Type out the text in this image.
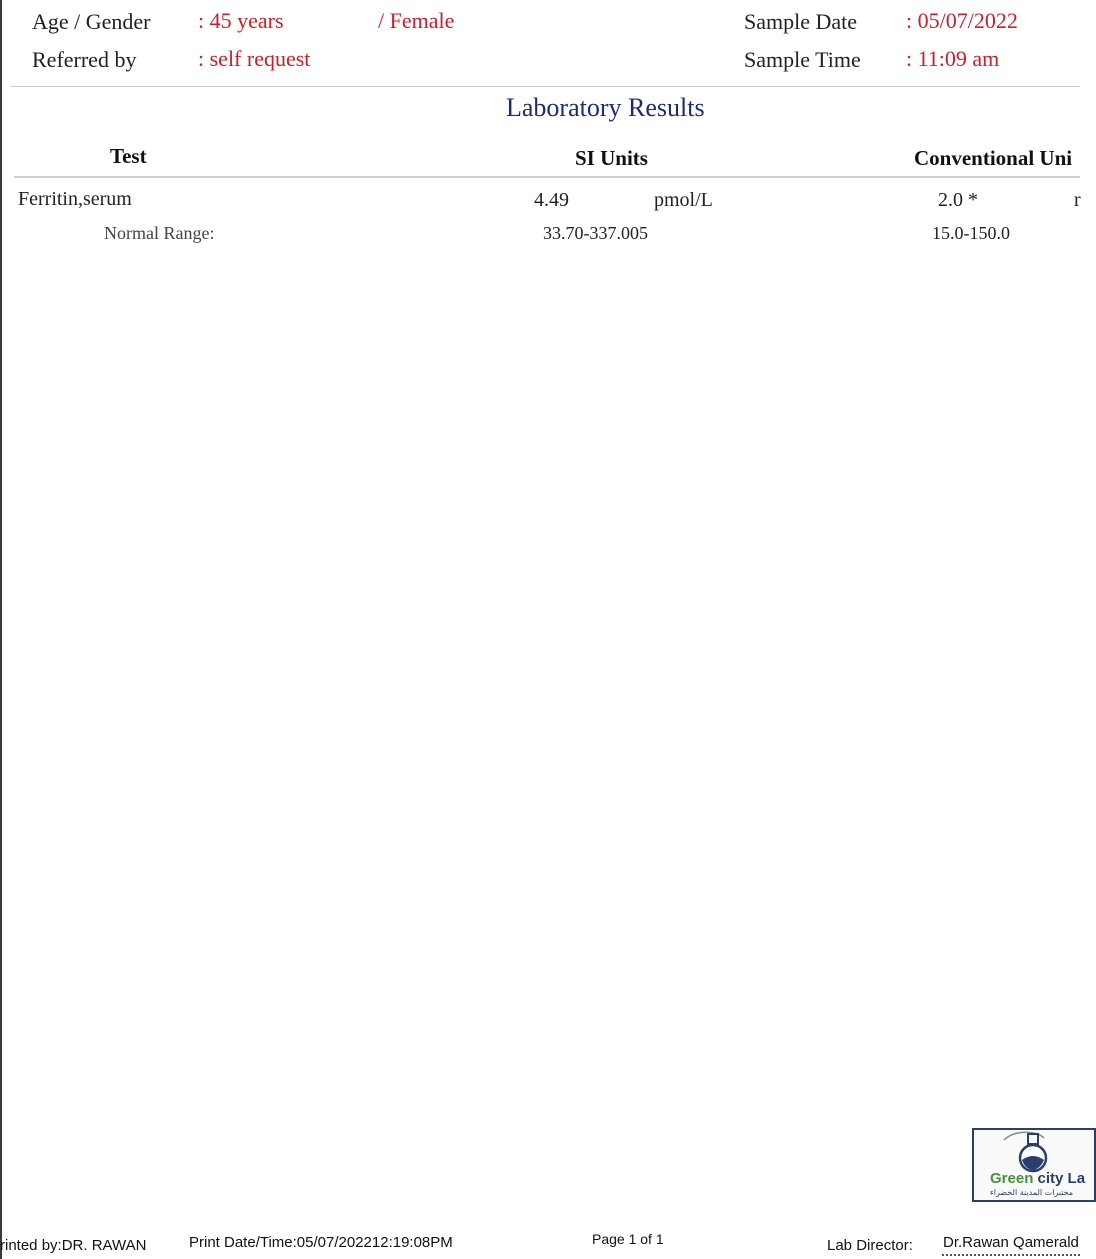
Age / Gender : 45 years	/ Female
Referred by	: self request
Sample Date : 05/07/2022
Sample Time : 11:09 am
Laboratory Results
Test	SI Units	Conventional Uni
Ferritin,serum	4.49	pmol/L	2.0 *	r
Normal Range:	33.70-337.005	15.0-150.0
Green city La
مختبرات المدينة الخضراء
rinted by:DR. RAWAN	Print Date/Time:05/07/202212:19:08PM	Page 1 of 1	Lab Director: Dr.Rawan Qamerald
